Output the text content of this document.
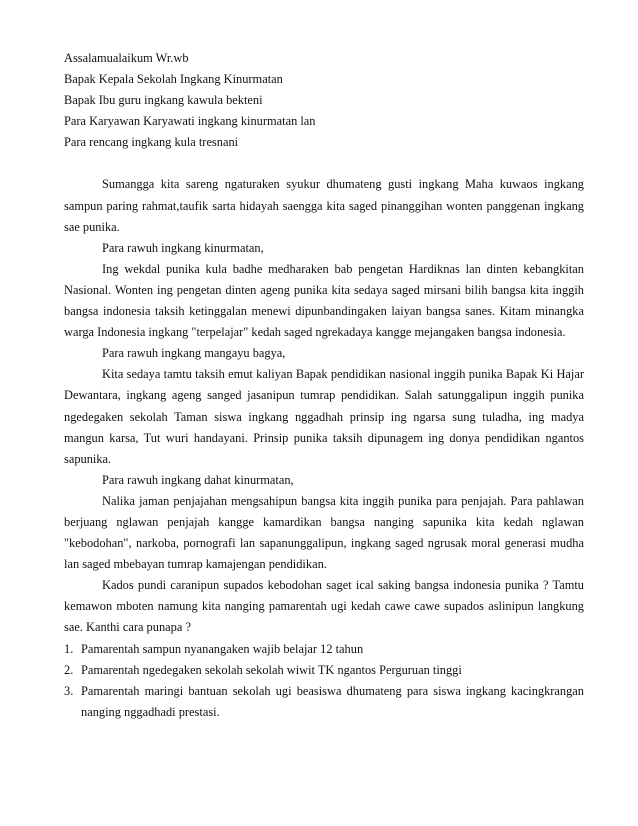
Assalamualaikum Wr.wb

Bapak Kepala Sekolah Ingkang Kinurmatan

Bapak Ibu guru ingkang kawula bekteni

Para Karyawan Karyawati ingkang kinurmatan lan

Para rencang ingkang kula tresnani

Sumangga kita sareng ngaturaken syukur dhumateng gusti ingkang Maha kuwaos ingkang sampun paring rahmat,taufik sarta hidayah saengga kita saged pinanggihan wonten panggenan ingkang sae punika.

Para rawuh ingkang kinurmatan,

Ing wekdal punika kula badhe medharaken bab pengetan Hardiknas lan dinten kebangkitan Nasional. Wonten ing pengetan dinten ageng punika kita sedaya saged mirsani bilih bangsa kita inggih bangsa indonesia taksih ketinggalan menewi dipunbandingaken laiyan bangsa sanes. Kitam minangka warga Indonesia ingkang "terpelajar" kedah saged ngrekadaya kangge mejangaken bangsa indonesia.

Para rawuh ingkang mangayu bagya,

Kita sedaya tamtu taksih emut kaliyan Bapak pendidikan nasional inggih punika Bapak Ki Hajar Dewantara, ingkang ageng sanged jasanipun tumrap pendidikan. Salah satunggalipun inggih punika ngedegaken sekolah Taman siswa ingkang nggadhah prinsip ing ngarsa sung tuladha, ing madya mangun karsa, Tut wuri handayani. Prinsip punika taksih dipunagem ing donya pendidikan ngantos sapunika.

Para rawuh ingkang dahat kinurmatan,

Nalika jaman penjajahan mengsahipun bangsa kita inggih punika para penjajah. Para pahlawan berjuang nglawan penjajah kangge kamardikan bangsa nanging sapunika kita kedah nglawan "kebodohan", narkoba, pornografi lan sapanunggalipun, ingkang saged ngrusak moral generasi mudha lan saged mbebayan tumrap kamajengan pendidikan.

Kados pundi caranipun supados kebodohan saget ical saking bangsa indonesia punika ? Tamtu kemawon mboten namung kita nanging pamarentah ugi kedah cawe cawe supados aslinipun langkung sae. Kanthi cara punapa ?

1. Pamarentah sampun nyanangaken wajib belajar 12 tahun
2. Pamarentah ngedegaken sekolah sekolah wiwit TK ngantos Perguruan tinggi
3. Pamarentah maringi bantuan sekolah ugi beasiswa dhumateng para siswa ingkang kacingkrangan nanging nggadhadi prestasi.
